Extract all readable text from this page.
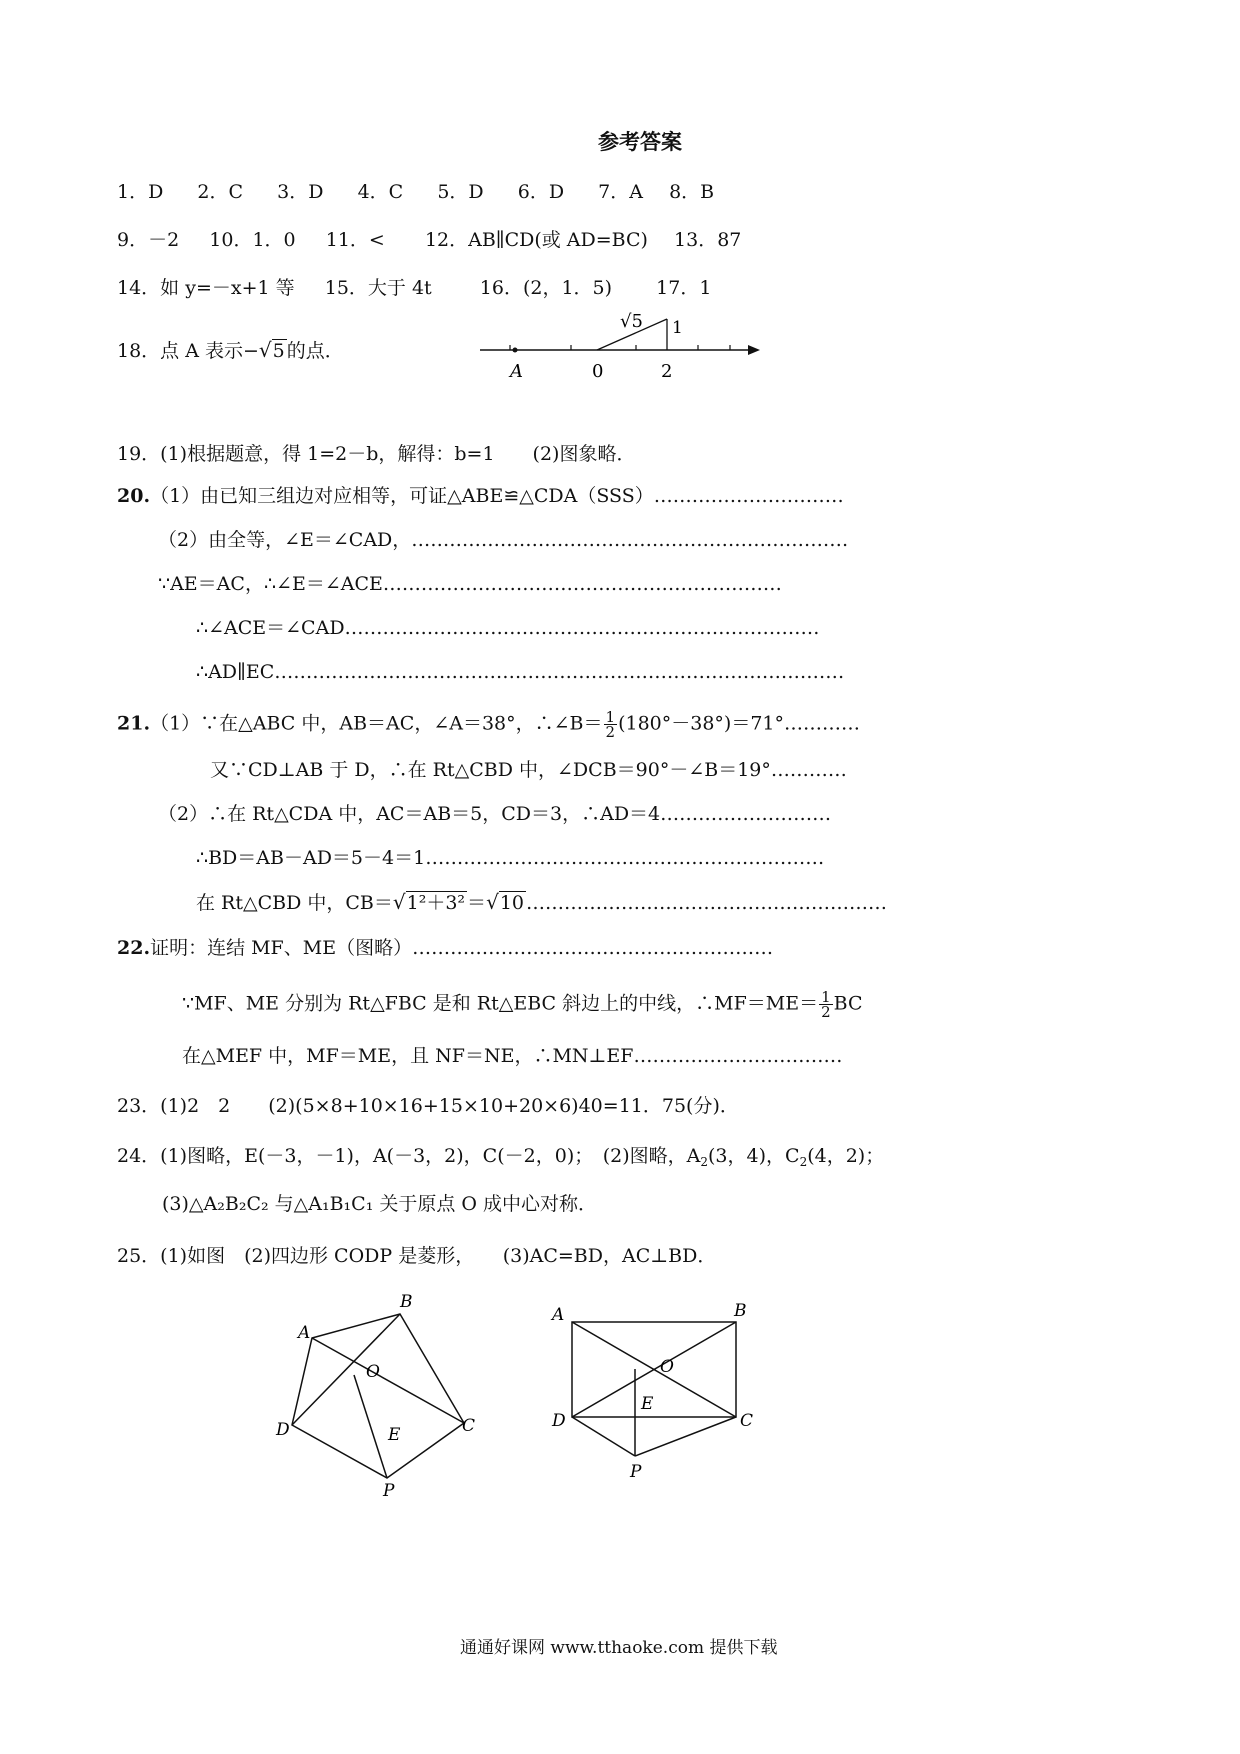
参考答案
1．D 2．C 3．D 4．C 5．D 6．D 7．A 8．B
9．－2 10．1．0 11．< 12．AB∥CD(或 AD=BC) 13．87
14．如 y=－x+1 等 15．大于 4t	16．(2，1．5) 17．1
18．点 A 表示−√5 的点．
√5 1
A	0	2
19．(1)根据题意，得 1=2－b，解得：b=1　　(2)图象略．
20.（1）由已知三组边对应相等，可证△ABE≌△CDA（SSS）…………………………
（2）由全等，∠E＝∠CAD，……………………………………………………………
∵AE＝AC，∴∠E＝∠ACE………………………………………………………
∴∠ACE＝∠CAD…………………………………………………………………
∴AD∥EC………………………………………………………………………………
21.（1）∵在△ABC 中，AB＝AC，∠A＝38°，∴∠B＝ $\frac{1}{2}$ (180°－38°)＝71°…………
又∵CD⊥AB 于 D，∴在 Rt△CBD 中，∠DCB＝90°－∠B＝19°…………
（2）∴在 Rt△CDA 中，AC＝AB＝5，CD＝3，∴AD＝4………………………
∴BD＝AB－AD＝5－4＝1………………………………………………………
在 Rt△CBD 中，CB＝√1²＋3² ＝√10 …………………………………………………
22.证明：连结 MF、ME（图略）…………………………………………………
∵MF、ME 分别为 Rt△FBC 是和 Rt△EBC 斜边上的中线，∴MF＝ME＝ $\frac{1}{2}$ BC
在△MEF 中，MF＝ME，且 NF＝NE，∴MN⊥EF……………………………
23．(1)2　2　　(2)(5×8+10×16+15×10+20×6)40=11．75(分)．
24．(1)图略，E(－3，－1)，A(－3，2)，C(－2，0)；　(2)图略，$A_2(3$，4)，$C_2(4$，2)；
(3)△A₂B₂C₂ 与△A₁B₁C₁ 关于原点 O 成中心对称．
25．(1)如图　(2)四边形 CODP 是菱形，　　(3)AC=BD，AC⊥BD．
A
B
C
D
O
E
P
A	B
C
D
O
E
P
通通好课网 www.tthaoke.com 提供下载
